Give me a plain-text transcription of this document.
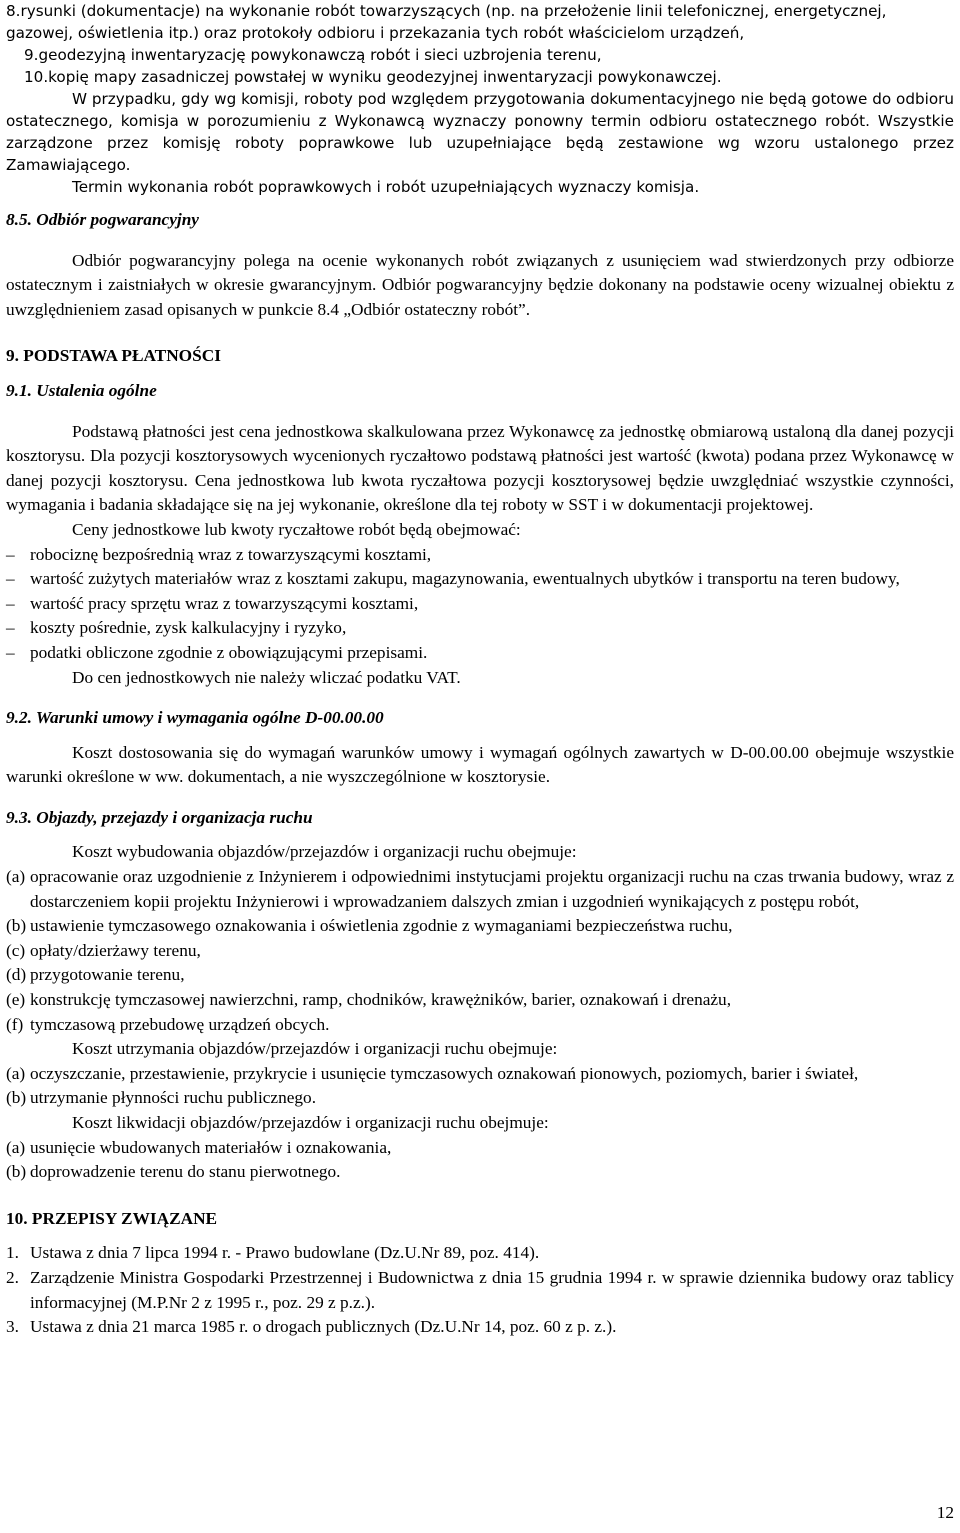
8.rysunki (dokumentacje) na wykonanie robót towarzyszących (np. na przełożenie linii telefonicznej, energetycznej, gazowej, oświetlenia itp.) oraz protokoły odbioru i przekazania tych robót właścicielom urządzeń,
9.geodezyjną inwentaryzację powykonawczą robót i sieci uzbrojenia terenu,
10.kopię mapy zasadniczej powstałej w wyniku geodezyjnej inwentaryzacji powykonawczej.

W przypadku, gdy wg komisji, roboty pod względem przygotowania dokumentacyjnego nie będą gotowe do odbioru ostatecznego, komisja w porozumieniu z Wykonawcą wyznaczy ponowny termin odbioru ostatecznego robót. Wszystkie zarządzone przez komisję roboty poprawkowe lub uzupełniające będą zestawione wg wzoru ustalonego przez Zamawiającego.

Termin wykonania robót poprawkowych i robót uzupełniających wyznaczy komisja.

8.5. Odbiór pogwarancyjny

Odbiór pogwarancyjny polega na ocenie wykonanych robót związanych z usunięciem wad stwierdzonych przy odbiorze ostatecznym i zaistniałych w okresie gwarancyjnym. Odbiór pogwarancyjny będzie dokonany na podstawie oceny wizualnej obiektu z uwzględnieniem zasad opisanych w punkcie 8.4 „Odbiór ostateczny robót”.

9. PODSTAWA PŁATNOŚCI
9.1. Ustalenia ogólne

Podstawą płatności jest cena jednostkowa skalkulowana przez Wykonawcę za jednostkę obmiarową ustaloną dla danej pozycji kosztorysu. Dla pozycji kosztorysowych wycenionych ryczałtowo podstawą płatności jest wartość (kwota) podana przez Wykonawcę w danej pozycji kosztorysu. Cena jednostkowa lub kwota ryczałtowa pozycji kosztorysowej będzie uwzględniać wszystkie czynności, wymagania i badania składające się na jej wykonanie, określone dla tej roboty w SST i w dokumentacji projektowej.

Ceny jednostkowe lub kwoty ryczałtowe robót będą obejmować:

– robociznę bezpośrednią wraz z towarzyszącymi kosztami,
– wartość zużytych materiałów wraz z kosztami zakupu, magazynowania, ewentualnych ubytków i transportu na teren budowy,
– wartość pracy sprzętu wraz z towarzyszącymi kosztami,
– koszty pośrednie, zysk kalkulacyjny i ryzyko,
– podatki obliczone zgodnie z obowiązującymi przepisami.

Do cen jednostkowych nie należy wliczać podatku VAT.

9.2. Warunki umowy i wymagania ogólne D-00.00.00

Koszt dostosowania się do wymagań warunków umowy i wymagań ogólnych zawartych w D-00.00.00 obejmuje wszystkie warunki określone w ww. dokumentach, a nie wyszczególnione w kosztorysie.

9.3. Objazdy, przejazdy i organizacja ruchu

Koszt wybudowania objazdów/przejazdów i organizacji ruchu obejmuje:

(a) opracowanie oraz uzgodnienie z Inżynierem i odpowiednimi instytucjami projektu organizacji ruchu na czas trwania budowy, wraz z dostarczeniem kopii projektu Inżynierowi i wprowadzaniem dalszych zmian i uzgodnień wynikających z postępu robót,
(b) ustawienie tymczasowego oznakowania i oświetlenia zgodnie z wymaganiami bezpieczeństwa ruchu,
(c) opłaty/dzierżawy terenu,
(d) przygotowanie terenu,
(e) konstrukcję tymczasowej nawierzchni, ramp, chodników, krawężników, barier, oznakowań i drenażu,
(f) tymczasową przebudowę urządzeń obcych.

Koszt utrzymania objazdów/przejazdów i organizacji ruchu obejmuje:

(a) oczyszczanie, przestawienie, przykrycie i usunięcie tymczasowych oznakowań pionowych, poziomych, barier i świateł,
(b) utrzymanie płynności ruchu publicznego.

Koszt likwidacji objazdów/przejazdów i organizacji ruchu obejmuje:

(a) usunięcie wbudowanych materiałów i oznakowania,
(b) doprowadzenie terenu do stanu pierwotnego.
10. PRZEPISY ZWIĄZANE
1. Ustawa z dnia 7 lipca 1994 r. - Prawo budowlane (Dz.U.Nr 89, poz. 414).
2. Zarządzenie Ministra Gospodarki Przestrzennej i Budownictwa z dnia 15 grudnia 1994 r. w sprawie dziennika budowy oraz tablicy informacyjnej (M.P.Nr 2 z 1995 r., poz. 29 z p.z.).
3. Ustawa z dnia 21 marca 1985 r. o drogach publicznych (Dz.U.Nr 14, poz. 60 z p. z.).
12
